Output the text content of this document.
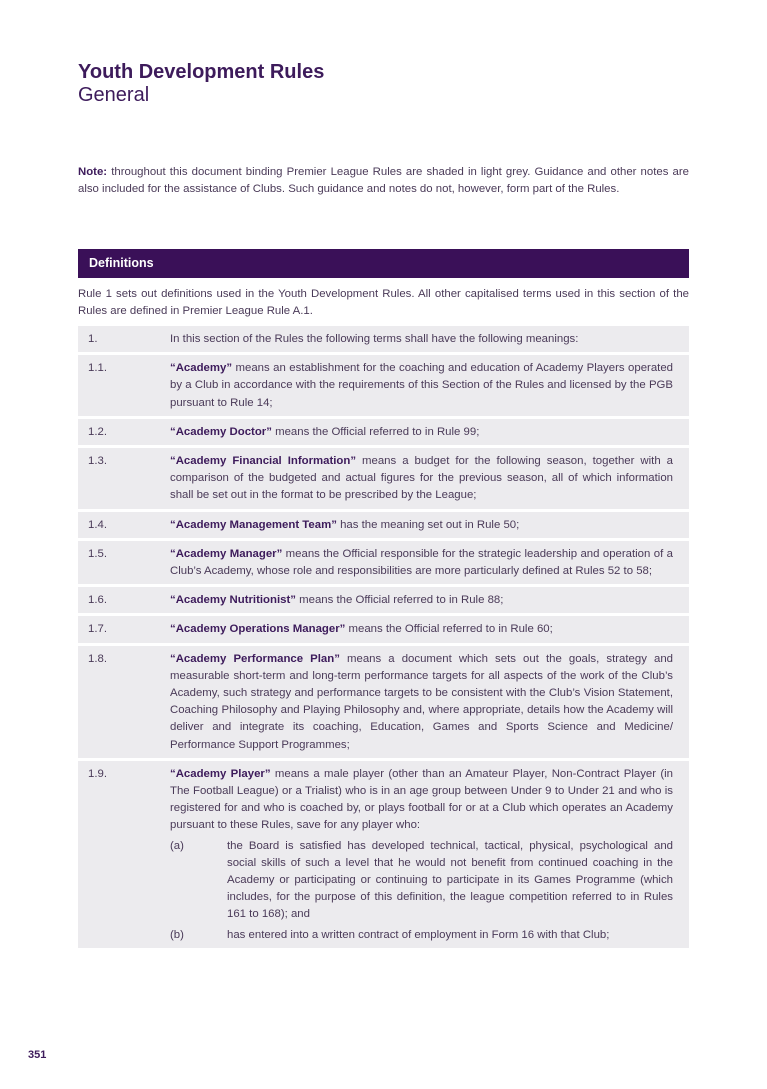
Youth Development Rules
General
Note: throughout this document binding Premier League Rules are shaded in light grey. Guidance and other notes are also included for the assistance of Clubs. Such guidance and notes do not, however, form part of the Rules.
Definitions
Rule 1 sets out definitions used in the Youth Development Rules. All other capitalised terms used in this section of the Rules are defined in Premier League Rule A.1.
1.	In this section of the Rules the following terms shall have the following meanings:
1.1.	“Academy” means an establishment for the coaching and education of Academy Players operated by a Club in accordance with the requirements of this Section of the Rules and licensed by the PGB pursuant to Rule 14;
1.2.	“Academy Doctor” means the Official referred to in Rule 99;
1.3.	“Academy Financial Information” means a budget for the following season, together with a comparison of the budgeted and actual figures for the previous season, all of which information shall be set out in the format to be prescribed by the League;
1.4.	“Academy Management Team” has the meaning set out in Rule 50;
1.5.	“Academy Manager” means the Official responsible for the strategic leadership and operation of a Club’s Academy, whose role and responsibilities are more particularly defined at Rules 52 to 58;
1.6.	“Academy Nutritionist” means the Official referred to in Rule 88;
1.7.	“Academy Operations Manager” means the Official referred to in Rule 60;
1.8.	“Academy Performance Plan” means a document which sets out the goals, strategy and measurable short-term and long-term performance targets for all aspects of the work of the Club’s Academy, such strategy and performance targets to be consistent with the Club’s Vision Statement, Coaching Philosophy and Playing Philosophy and, where appropriate, details how the Academy will deliver and integrate its coaching, Education, Games and Sports Science and Medicine/ Performance Support Programmes;
1.9.	“Academy Player” means a male player (other than an Amateur Player, Non-Contract Player (in The Football League) or a Trialist) who is in an age group between Under 9 to Under 21 and who is registered for and who is coached by, or plays football for or at a Club which operates an Academy pursuant to these Rules, save for any player who:
(a)	the Board is satisfied has developed technical, tactical, physical, psychological and social skills of such a level that he would not benefit from continued coaching in the Academy or participating or continuing to participate in its Games Programme (which includes, for the purpose of this definition, the league competition referred to in Rules 161 to 168); and
(b)	has entered into a written contract of employment in Form 16 with that Club;
351
